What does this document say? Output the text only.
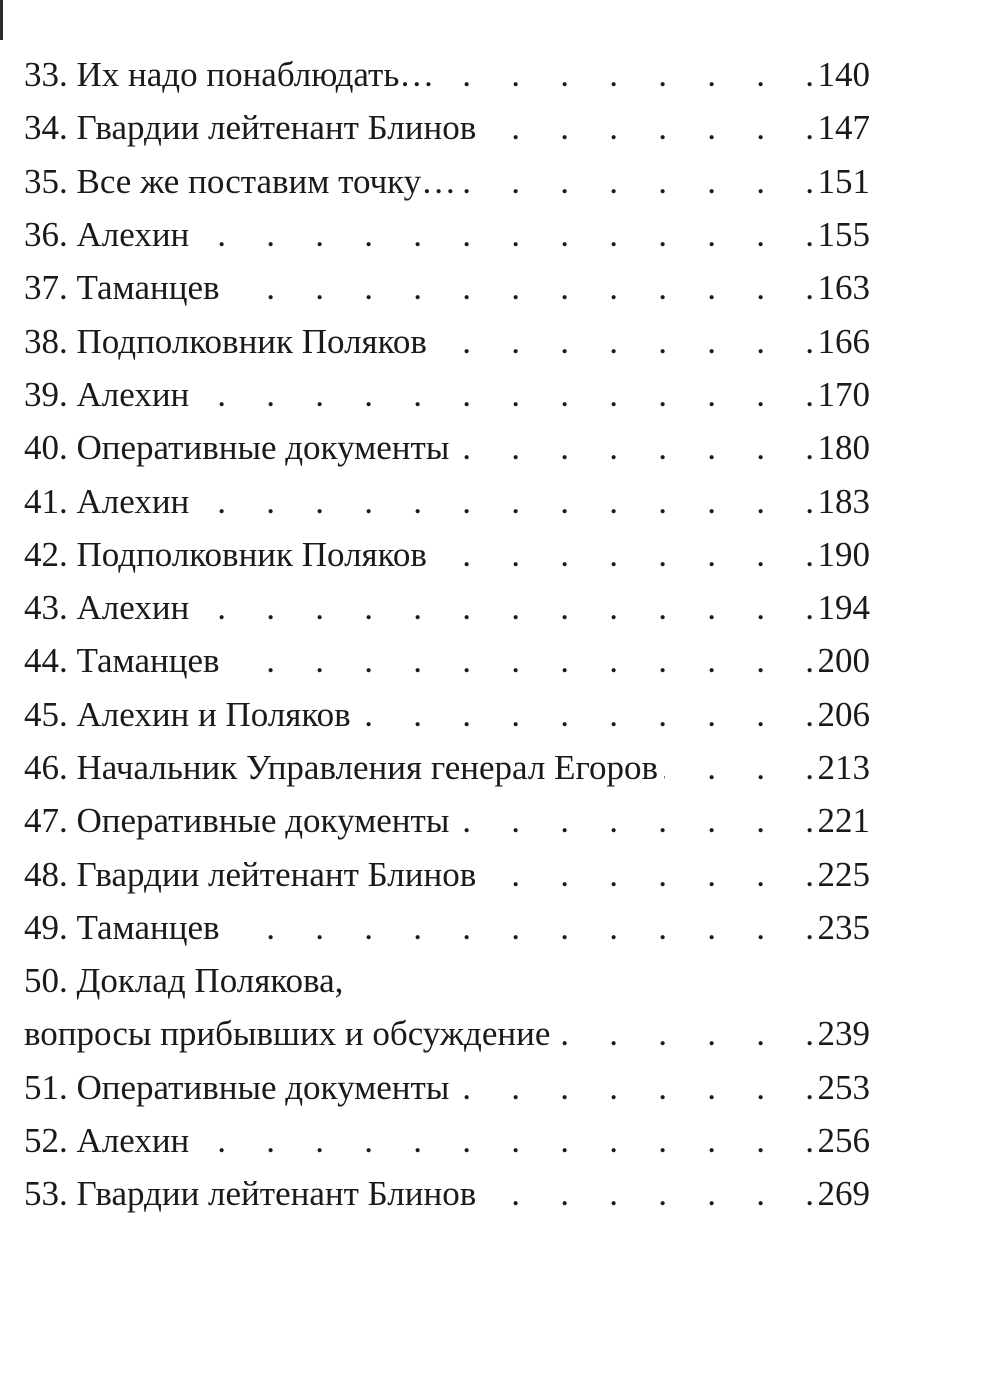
33. Их надо понаблюдать… . . .	140
34. Гвардии лейтенант Блинов . . .	147
35. Все же поставим точку… . . .	151
36. Алехин . . .	155
37. Таманцев . . .	163
38. Подполковник Поляков . . .	166
39. Алехин . . .	170
40. Оперативные документы . . .	180
41. Алехин . . .	183
42. Подполковник Поляков . . .	190
43. Алехин . . .	194
44. Таманцев . . .	200
45. Алехин и Поляков . . .	206
46. Начальник Управления генерал Егоров . . .	213
47. Оперативные документы . . .	221
48. Гвардии лейтенант Блинов . . .	225
49. Таманцев . . .	235
50. Доклад Полякова,
вопросы прибывших и обсуждение . . .	239
51. Оперативные документы . . .	253
52. Алехин . . .	256
53. Гвардии лейтенант Блинов . . .	269
